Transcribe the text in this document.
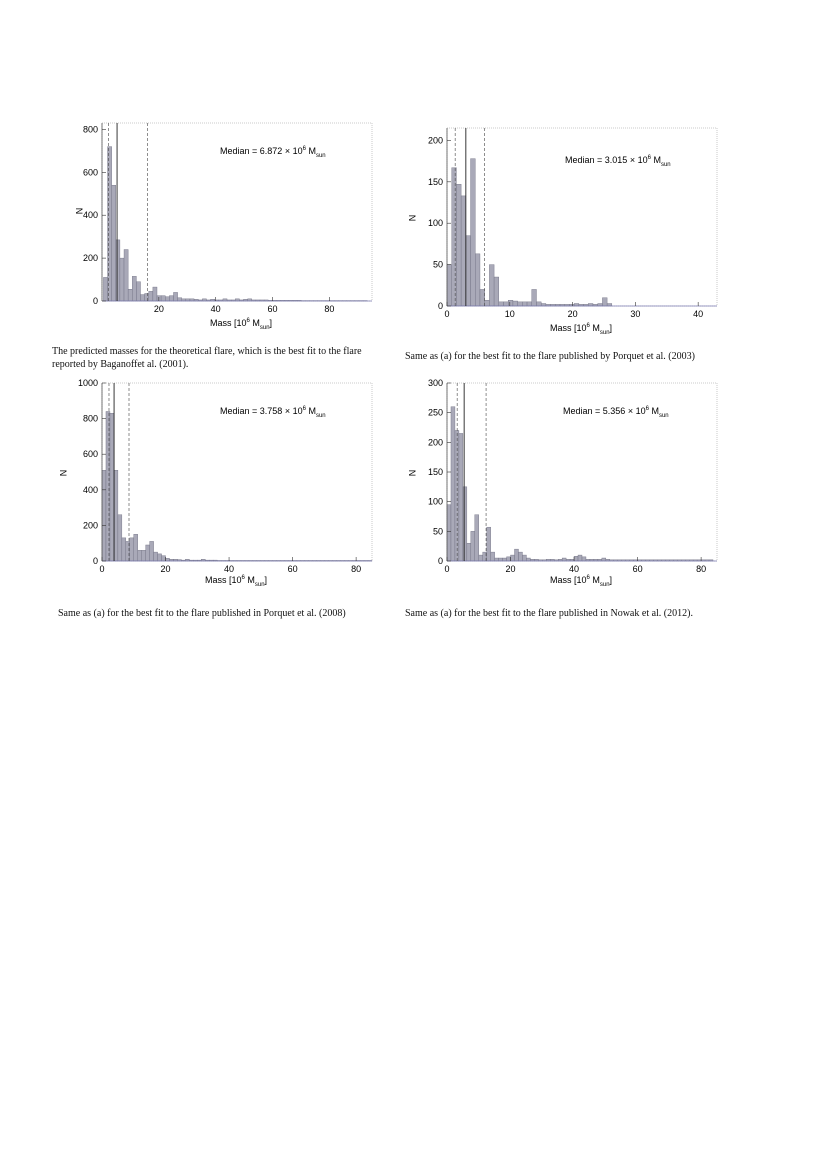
20	40	60	80
0
200
400
600
800
Median = $6.872 \times 10^6$ $M_{sun}$
Mass [$10^6$ $M_{sun}$]
N
The predicted masses for the theoretical flare, which is the best fit to the flare reported by Baganoffet al. (2001).
0	10	20	30	40
0
50
100
150
200
Median = $3.015 \times 10^6$ $M_{sun}$
Mass [$10^6$ $M_{sun}$]
N
Same as (a) for the best fit to the flare published by Porquet et al. (2003)
0	20	40	60	80
0
200
400
600
800
1000
Median = $3.758 \times 10^6$ $M_{sun}$
Mass [$10^6$ $M_{sun}$]
N
Same as (a) for the best fit to the flare published in Porquet et al. (2008)
0	20	40	60	80
0
50
100
150
200
250
300
Median = $5.356 \times 10^6$ $M_{sun}$
Mass [$10^6$ $M_{sun}$]
N
Same as (a) for the best fit to the flare published in Nowak et al. (2012).
